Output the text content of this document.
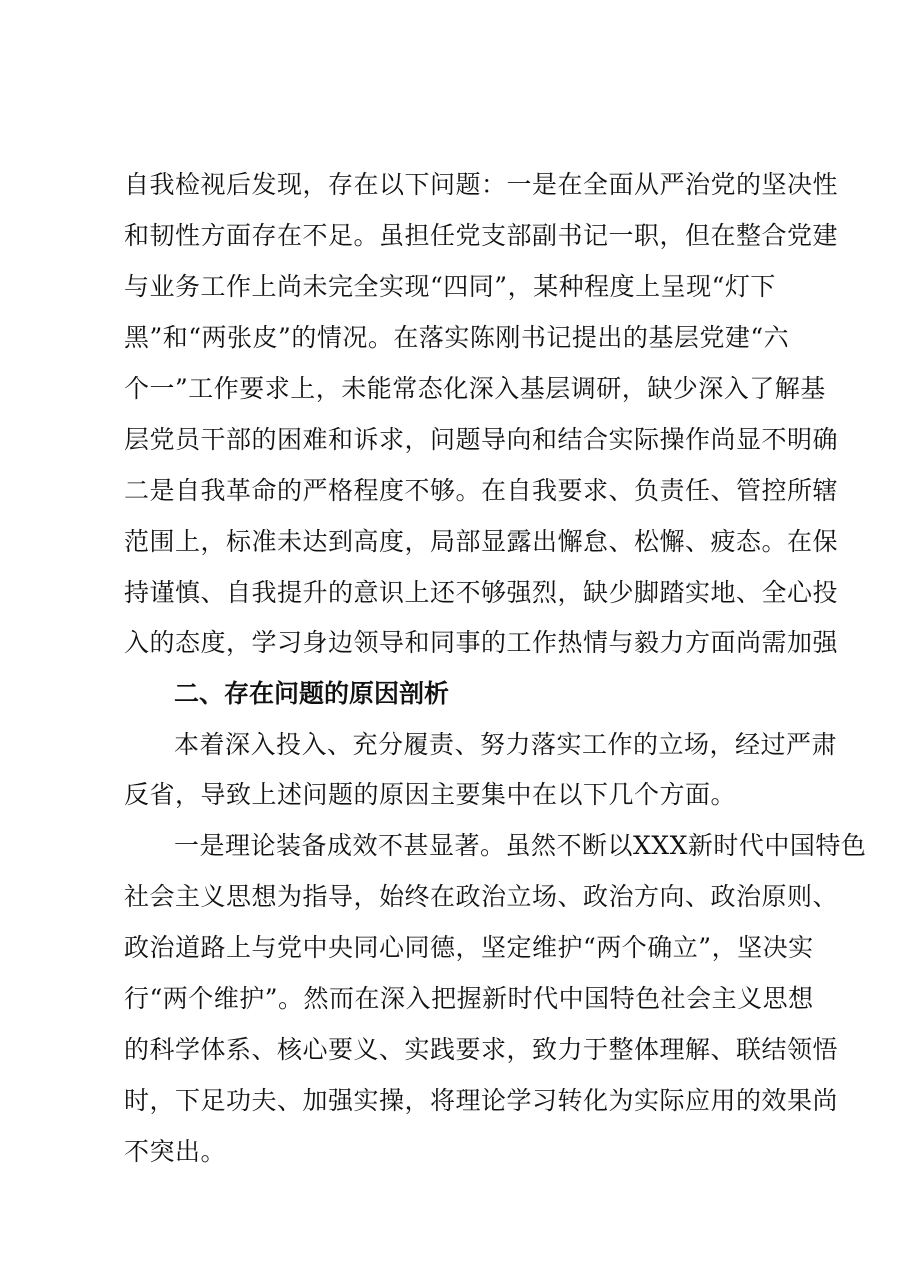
自我检视后发现，存在以下问题：一是在全面从严治党的坚决性
和韧性方面存在不足。虽担任党支部副书记一职，但在整合党建
与业务工作上尚未完全实现“四同”，某种程度上呈现“灯下
黑”和“两张皮”的情况。在落实陈刚书记提出的基层党建“六
个一”工作要求上，未能常态化深入基层调研，缺少深入了解基
层党员干部的困难和诉求，问题导向和结合实际操作尚显不明确
二是自我革命的严格程度不够。在自我要求、负责任、管控所辖
范围上，标准未达到高度，局部显露出懈怠、松懈、疲态。在保
持谨慎、自我提升的意识上还不够强烈，缺少脚踏实地、全心投
入的态度，学习身边领导和同事的工作热情与毅力方面尚需加强
二、存在问题的原因剖析
本着深入投入、充分履责、努力落实工作的立场，经过严肃
反省，导致上述问题的原因主要集中在以下几个方面。
一是理论装备成效不甚显著。虽然不断以XXX新时代中国特色
社会主义思想为指导，始终在政治立场、政治方向、政治原则、
政治道路上与党中央同心同德，坚定维护“两个确立”，坚决实
行“两个维护”。然而在深入把握新时代中国特色社会主义思想
的科学体系、核心要义、实践要求，致力于整体理解、联结领悟
时，下足功夫、加强实操，将理论学习转化为实际应用的效果尚
不突出。
